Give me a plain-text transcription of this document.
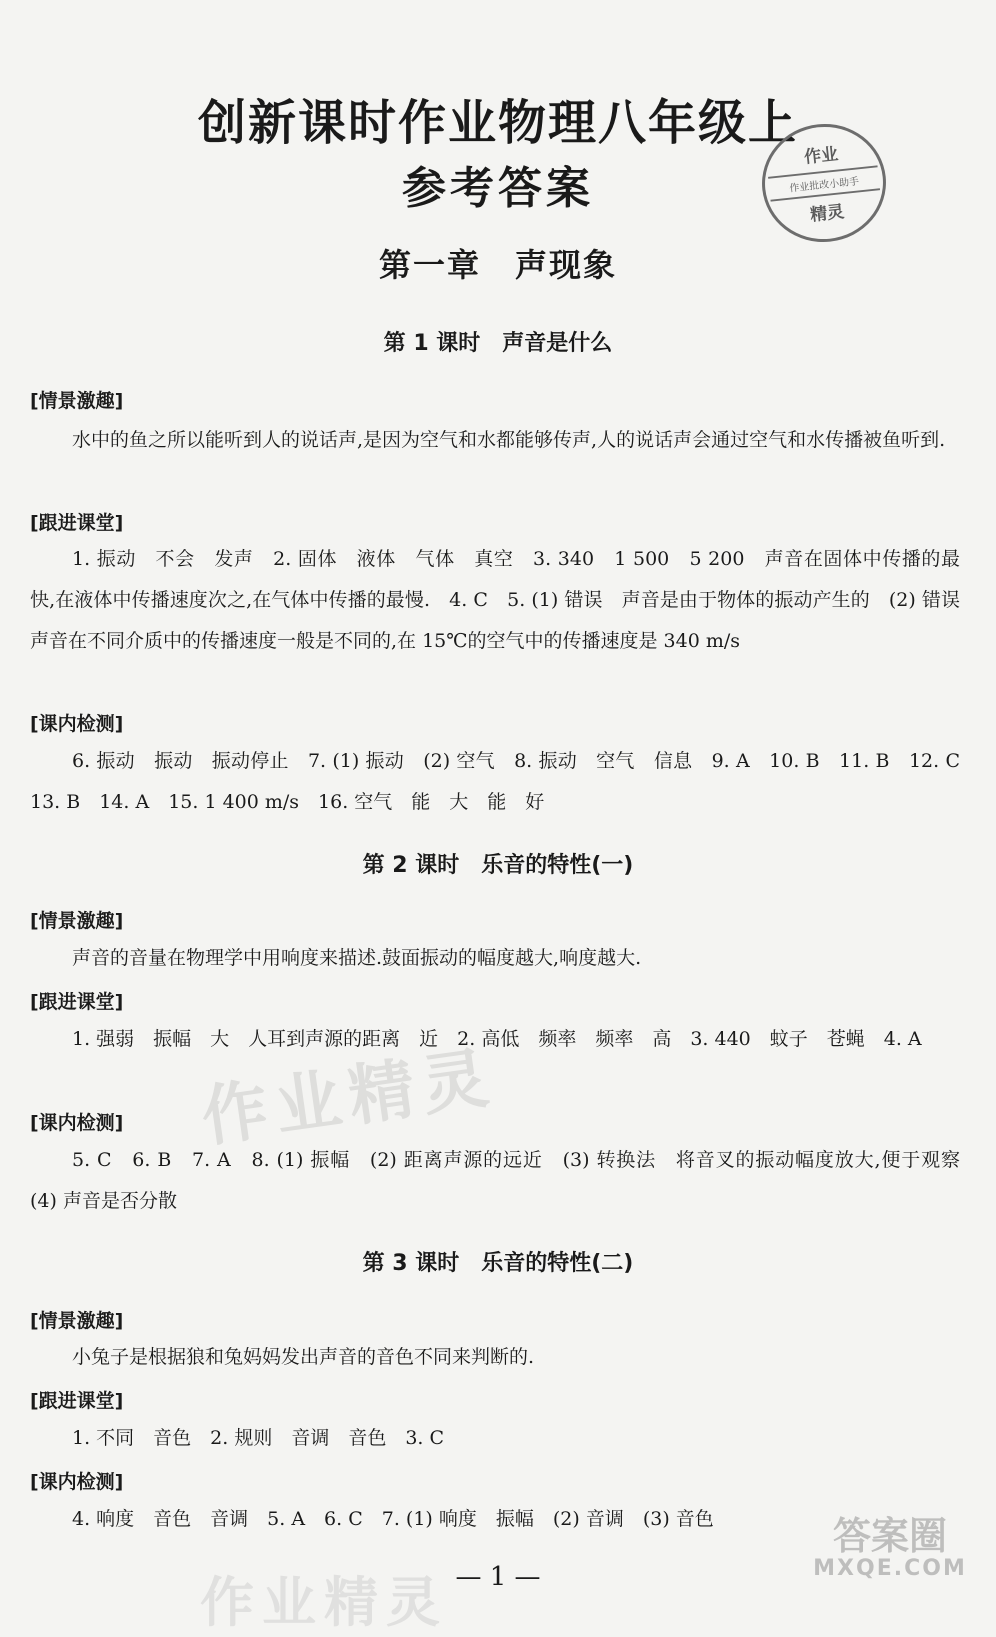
创新课时作业物理八年级上
参考答案
作业
作业批改小助手
精灵
第一章　声现象
第 1 课时　声音是什么
[情景激趣]
水中的鱼之所以能听到人的说话声,是因为空气和水都能够传声,人的说话声会通过空气和水传播被鱼听到.
[跟进课堂]
1. 振动　不会　发声　2. 固体　液体　气体　真空　3. 340　1 500　5 200　声音在固体中传播的最快,在液体中传播速度次之,在气体中传播的最慢.　4. C　5. (1) 错误　声音是由于物体的振动产生的　(2) 错误　声音在不同介质中的传播速度一般是不同的,在 15℃的空气中的传播速度是 340 m/s
[课内检测]
6. 振动　振动　振动停止　7. (1) 振动　(2) 空气　8. 振动　空气　信息　9. A　10. B　11. B　12. C　13. B　14. A　15. 1 400 m/s　16. 空气　能　大　能　好
第 2 课时　乐音的特性(一)
[情景激趣]
声音的音量在物理学中用响度来描述.鼓面振动的幅度越大,响度越大.
[跟进课堂]
1. 强弱　振幅　大　人耳到声源的距离　近　2. 高低　频率　频率　高　3. 440　蚊子　苍蝇　4. A
[课内检测]
5. C　6. B　7. A　8. (1) 振幅　(2) 距离声源的远近　(3) 转换法　将音叉的振动幅度放大,便于观察　(4) 声音是否分散
第 3 课时　乐音的特性(二)
[情景激趣]
小兔子是根据狼和兔妈妈发出声音的音色不同来判断的.
[跟进课堂]
1. 不同　音色　2. 规则　音调　音色　3. C
[课内检测]
4. 响度　音色　音调　5. A　6. C　7. (1) 响度　振幅　(2) 音调　(3) 音色
作业精灵
作业精灵
答案圈
MXQE.COM
— 1 —
